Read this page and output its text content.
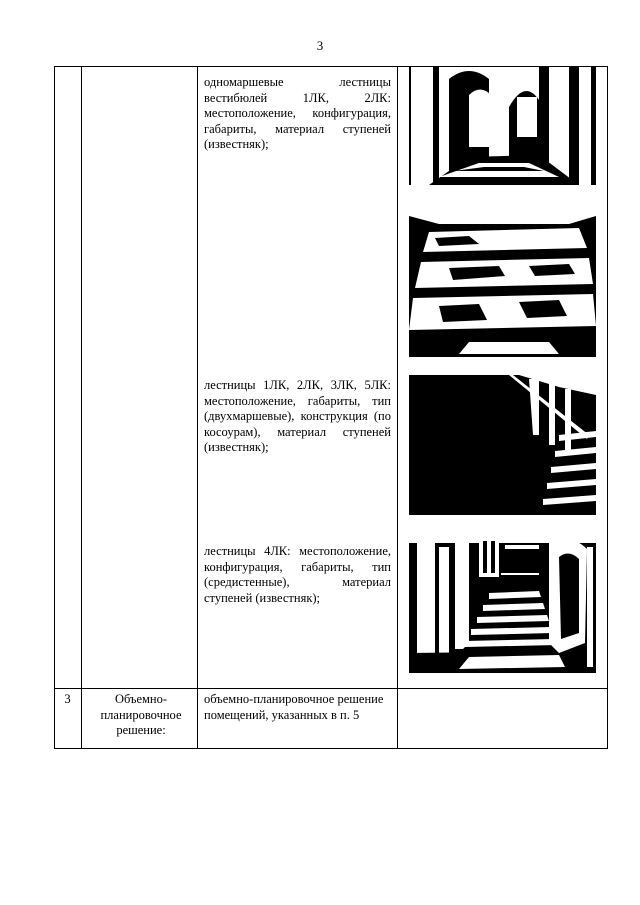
3
одномаршевые лестницы вестибюлей 1ЛК, 2ЛК: местоположение, конфигурация, габариты, материал ступеней (известняк);
лестницы 1ЛК, 2ЛК, 3ЛК, 5ЛК: местоположение, габариты, тип (двухмаршевые), конструкция (по косоурам), материал ступеней (известняк);
лестницы 4ЛК: местоположение, конфигурация, габариты, тип (средистенные), материал ступеней (известняк);
3	Объемно-планировочное решение:
объемно-планировочное решение помещений, указанных в п. 5
